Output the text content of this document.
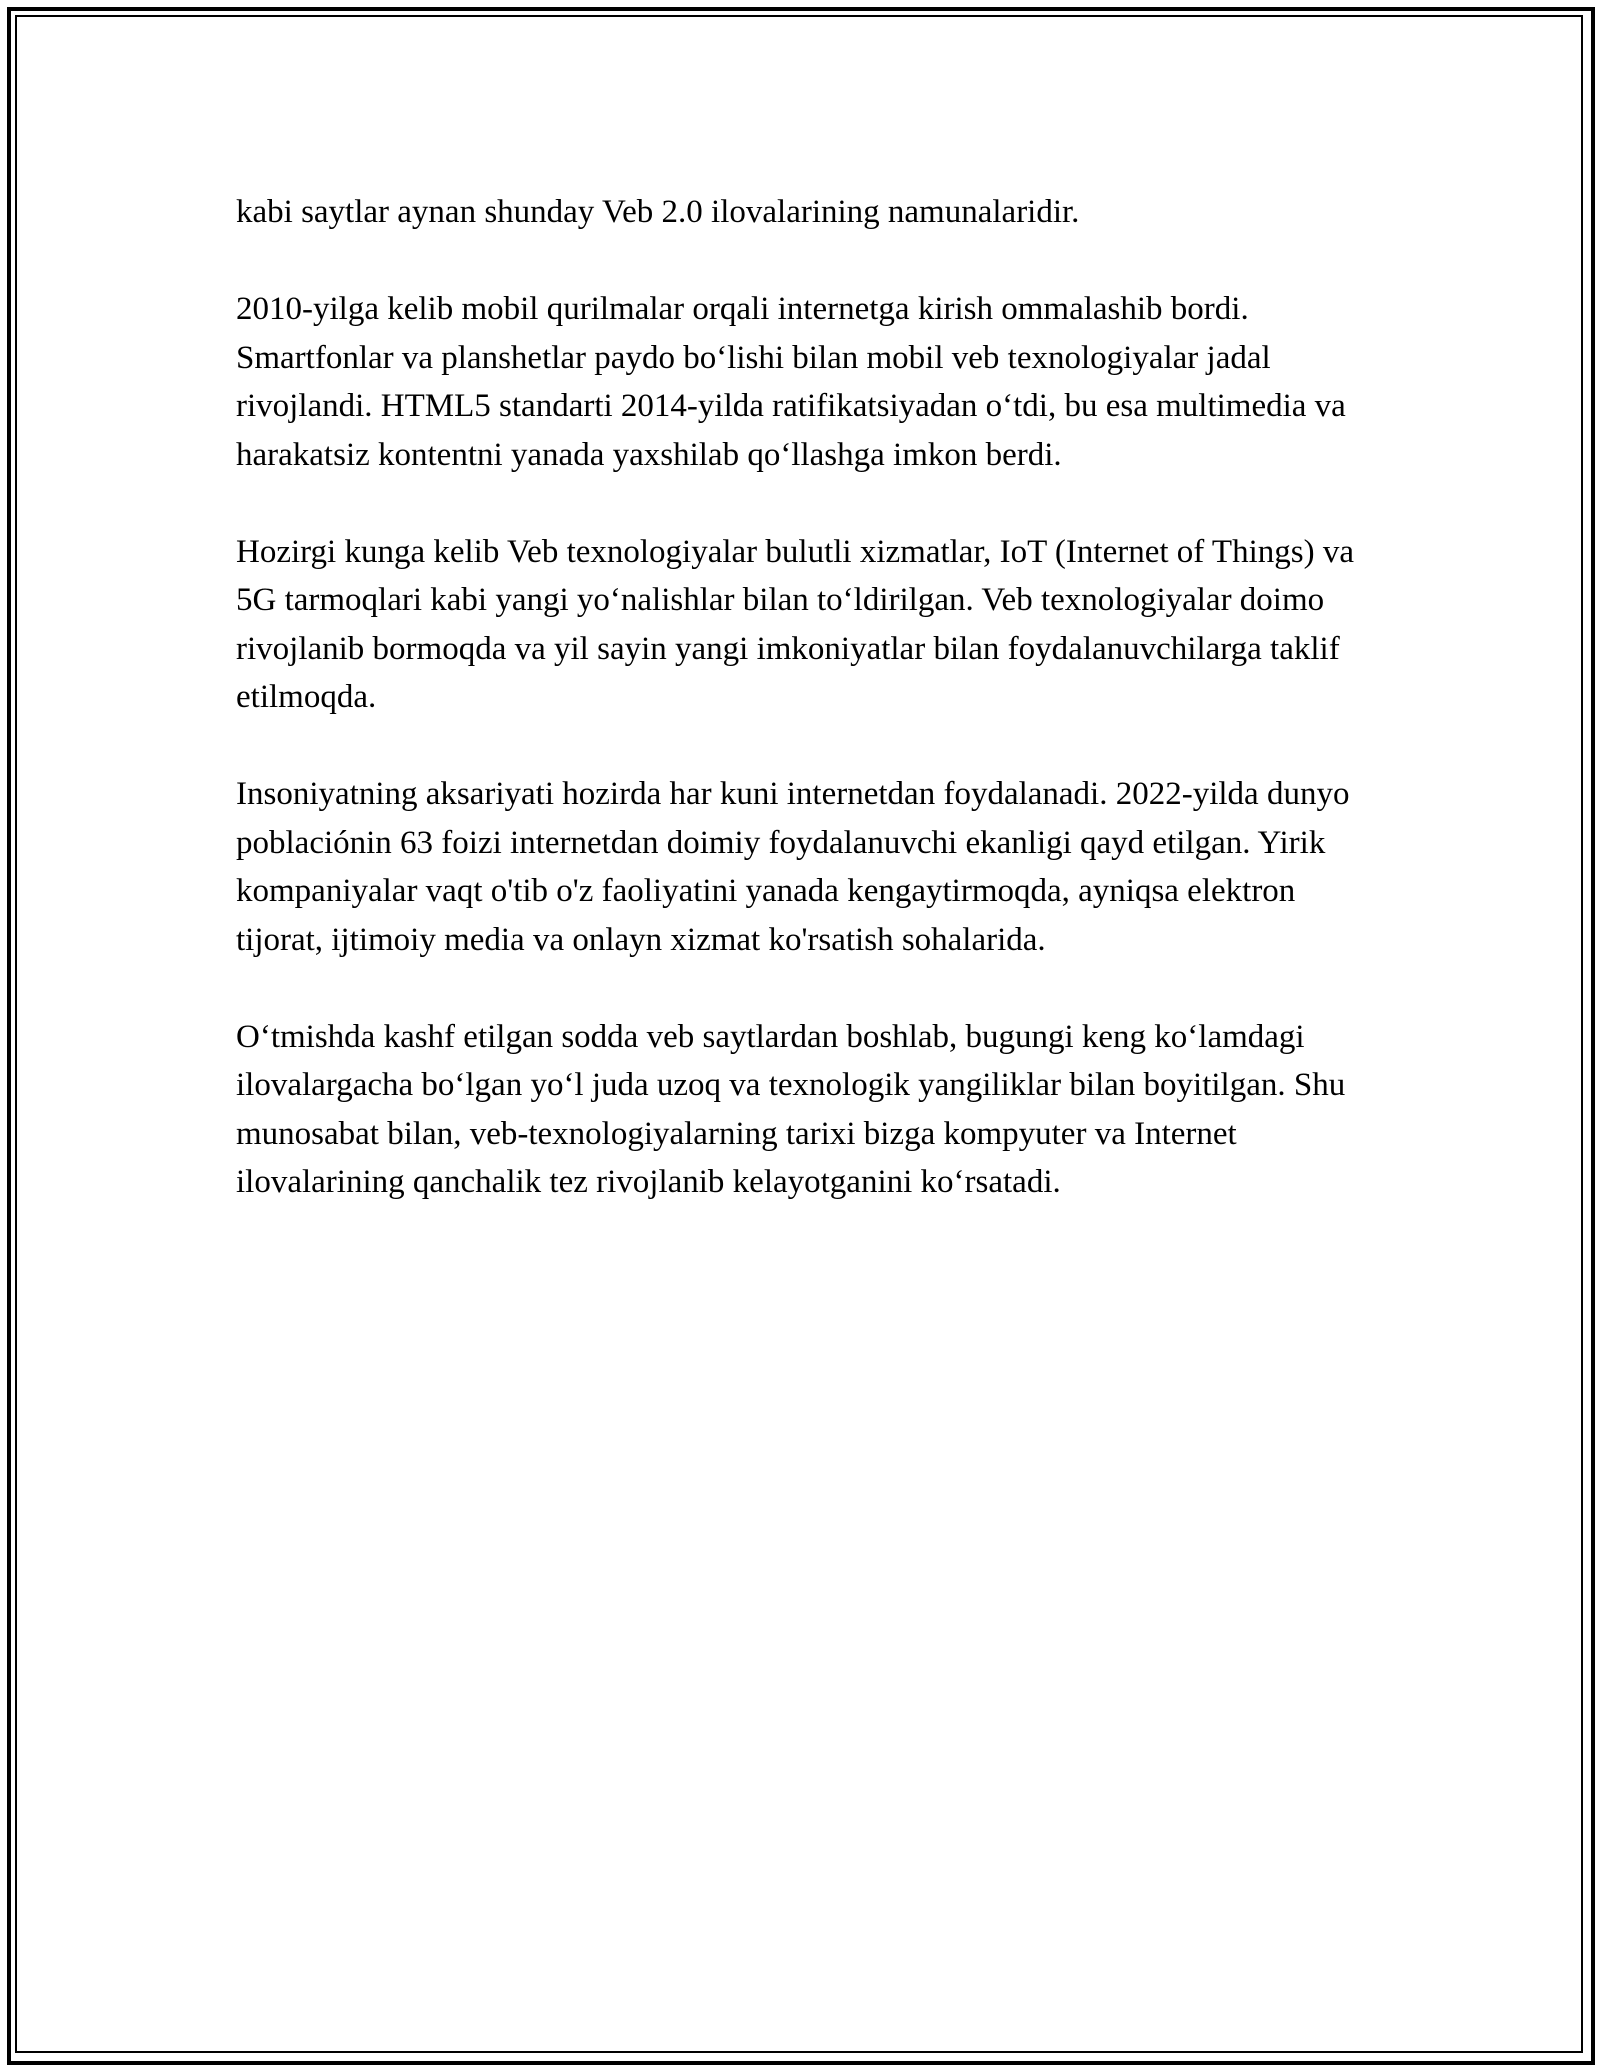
kabi saytlar aynan shunday Veb 2.0 ilovalarining namunalaridir.

2010-yilga kelib mobil qurilmalar orqali internetga kirish ommalashib bordi. Smartfonlar va planshetlar paydo boʻlishi bilan mobil veb texnologiyalar jadal rivojlandi. HTML5 standarti 2014-yilda ratifikatsiyadan oʻtdi, bu esa multimedia va harakatsiz kontentni yanada yaxshilab qoʻllashga imkon berdi.

Hozirgi kunga kelib Veb texnologiyalar bulutli xizmatlar, IoT (Internet of Things) va 5G tarmoqlari kabi yangi yoʻnalishlar bilan toʻldirilgan. Veb texnologiyalar doimo rivojlanib bormoqda va yil sayin yangi imkoniyatlar bilan foydalanuvchilarga taklif etilmoqda.

Insoniyatning aksariyati hozirda har kuni internetdan foydalanadi. 2022-yilda dunyo poblaciónin 63 foizi internetdan doimiy foydalanuvchi ekanligi qayd etilgan. Yirik kompaniyalar vaqt o'tib o'z faoliyatini yanada kengaytirmoqda, ayniqsa elektron tijorat, ijtimoiy media va onlayn xizmat ko'rsatish sohalarida.

Oʻtmishda kashf etilgan sodda veb saytlardan boshlab, bugungi keng koʻlamdagi ilovalargacha boʻlgan yoʻl juda uzoq va texnologik yangiliklar bilan boyitilgan. Shu munosabat bilan, veb-texnologiyalarning tarixi bizga kompyuter va Internet ilovalarining qanchalik tez rivojlanib kelayotganini koʻrsatadi.
